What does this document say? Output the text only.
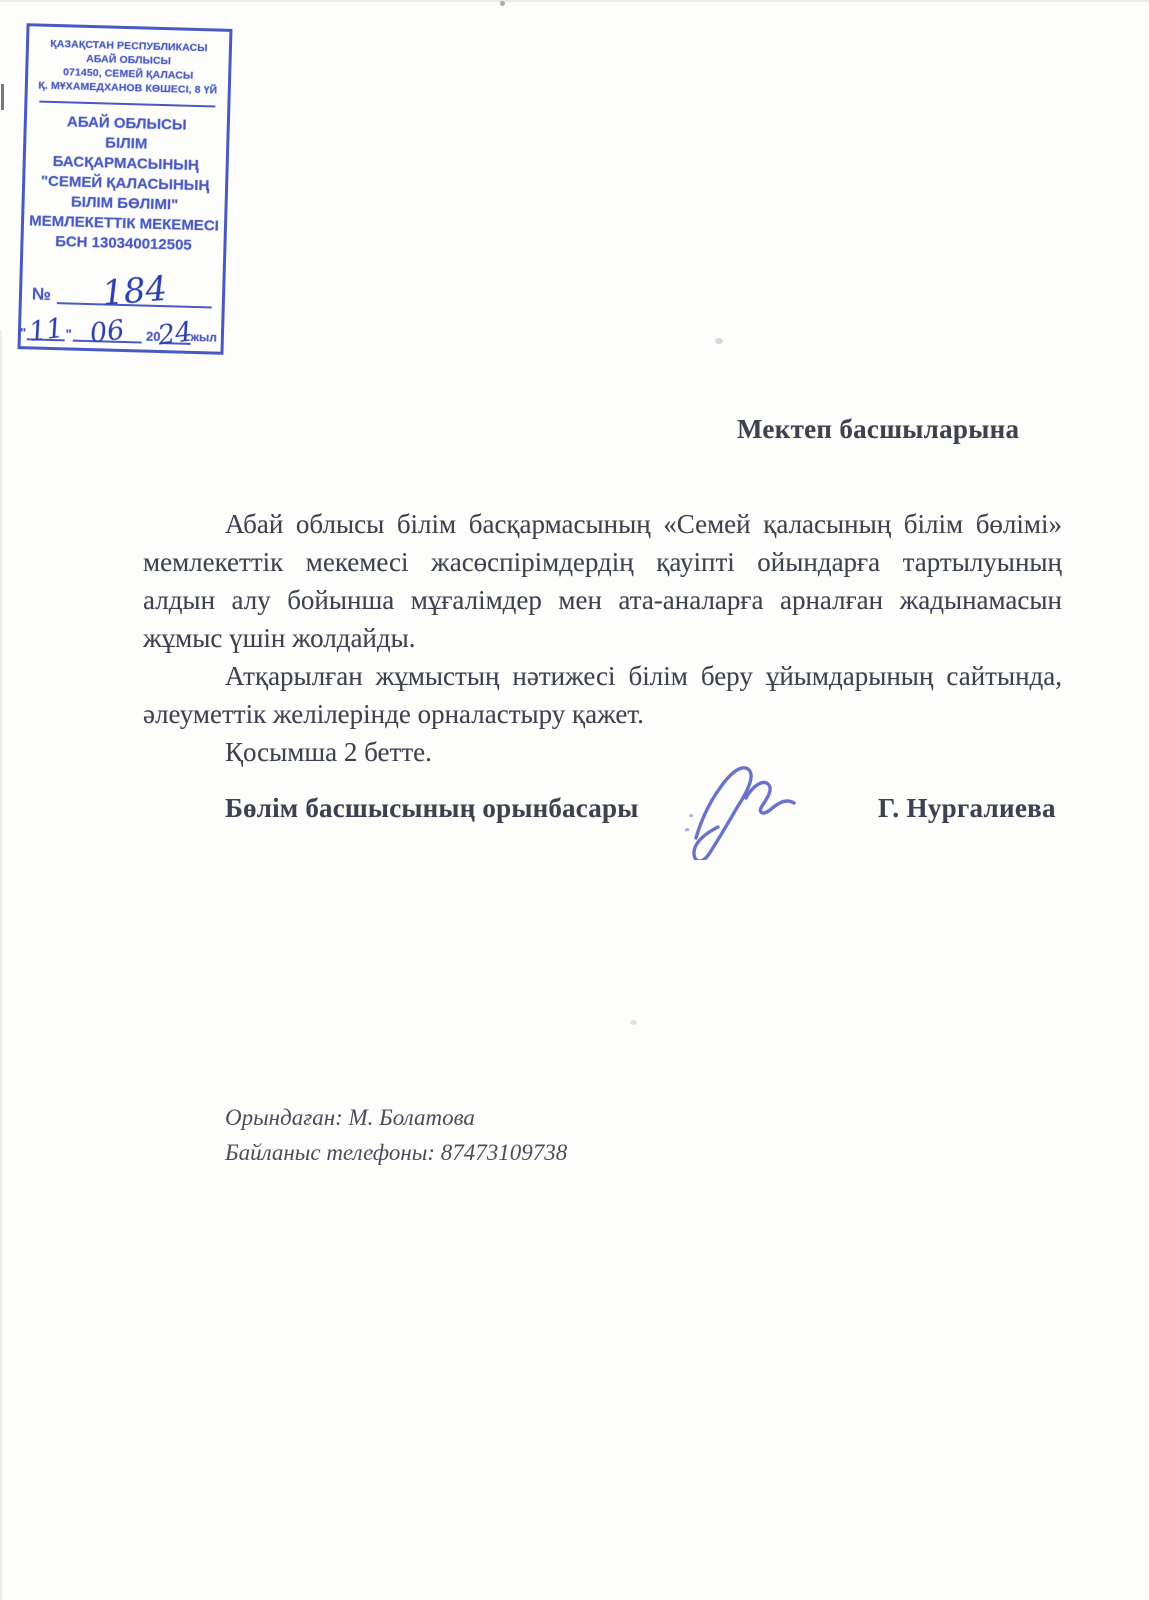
ҚАЗАҚСТАН РЕСПУБЛИКАСЫ
АБАЙ ОБЛЫСЫ
071450, СЕМЕЙ ҚАЛАСЫ
Қ. МҰХАМЕДХАНОВ КӨШЕСІ, 8 ҮЙ
АБАЙ ОБЛЫСЫ
БІЛІМ БАСҚАРМАСЫНЫҢ
"СЕМЕЙ ҚАЛАСЫНЫҢ
БІЛІМ БӨЛІМІ"
МЕМЛЕКЕТТІК МЕКЕМЕСІ
БСН 130340012505
№ 184
" 11 " 06	20
24
жыл
Мектеп басшыларына
Абай облысы білім басқармасының «Семей қаласының білім бөлімі»
мемлекеттік мекемесі жасөспірімдердің қауіпті ойындарға тартылуының
алдын алу бойынша мұғалімдер мен ата-аналарға арналған жадынамасын
жұмыс үшін жолдайды.
Атқарылған жұмыстың нәтижесі білім беру ұйымдарының сайтында,
әлеуметтік желілерінде орналастыру қажет.
Қосымша 2 бетте.
Бөлім басшысының орынбасары	Г. Нургалиева
Орындаған: М. Болатова
Байланыс телефоны: 87473109738
